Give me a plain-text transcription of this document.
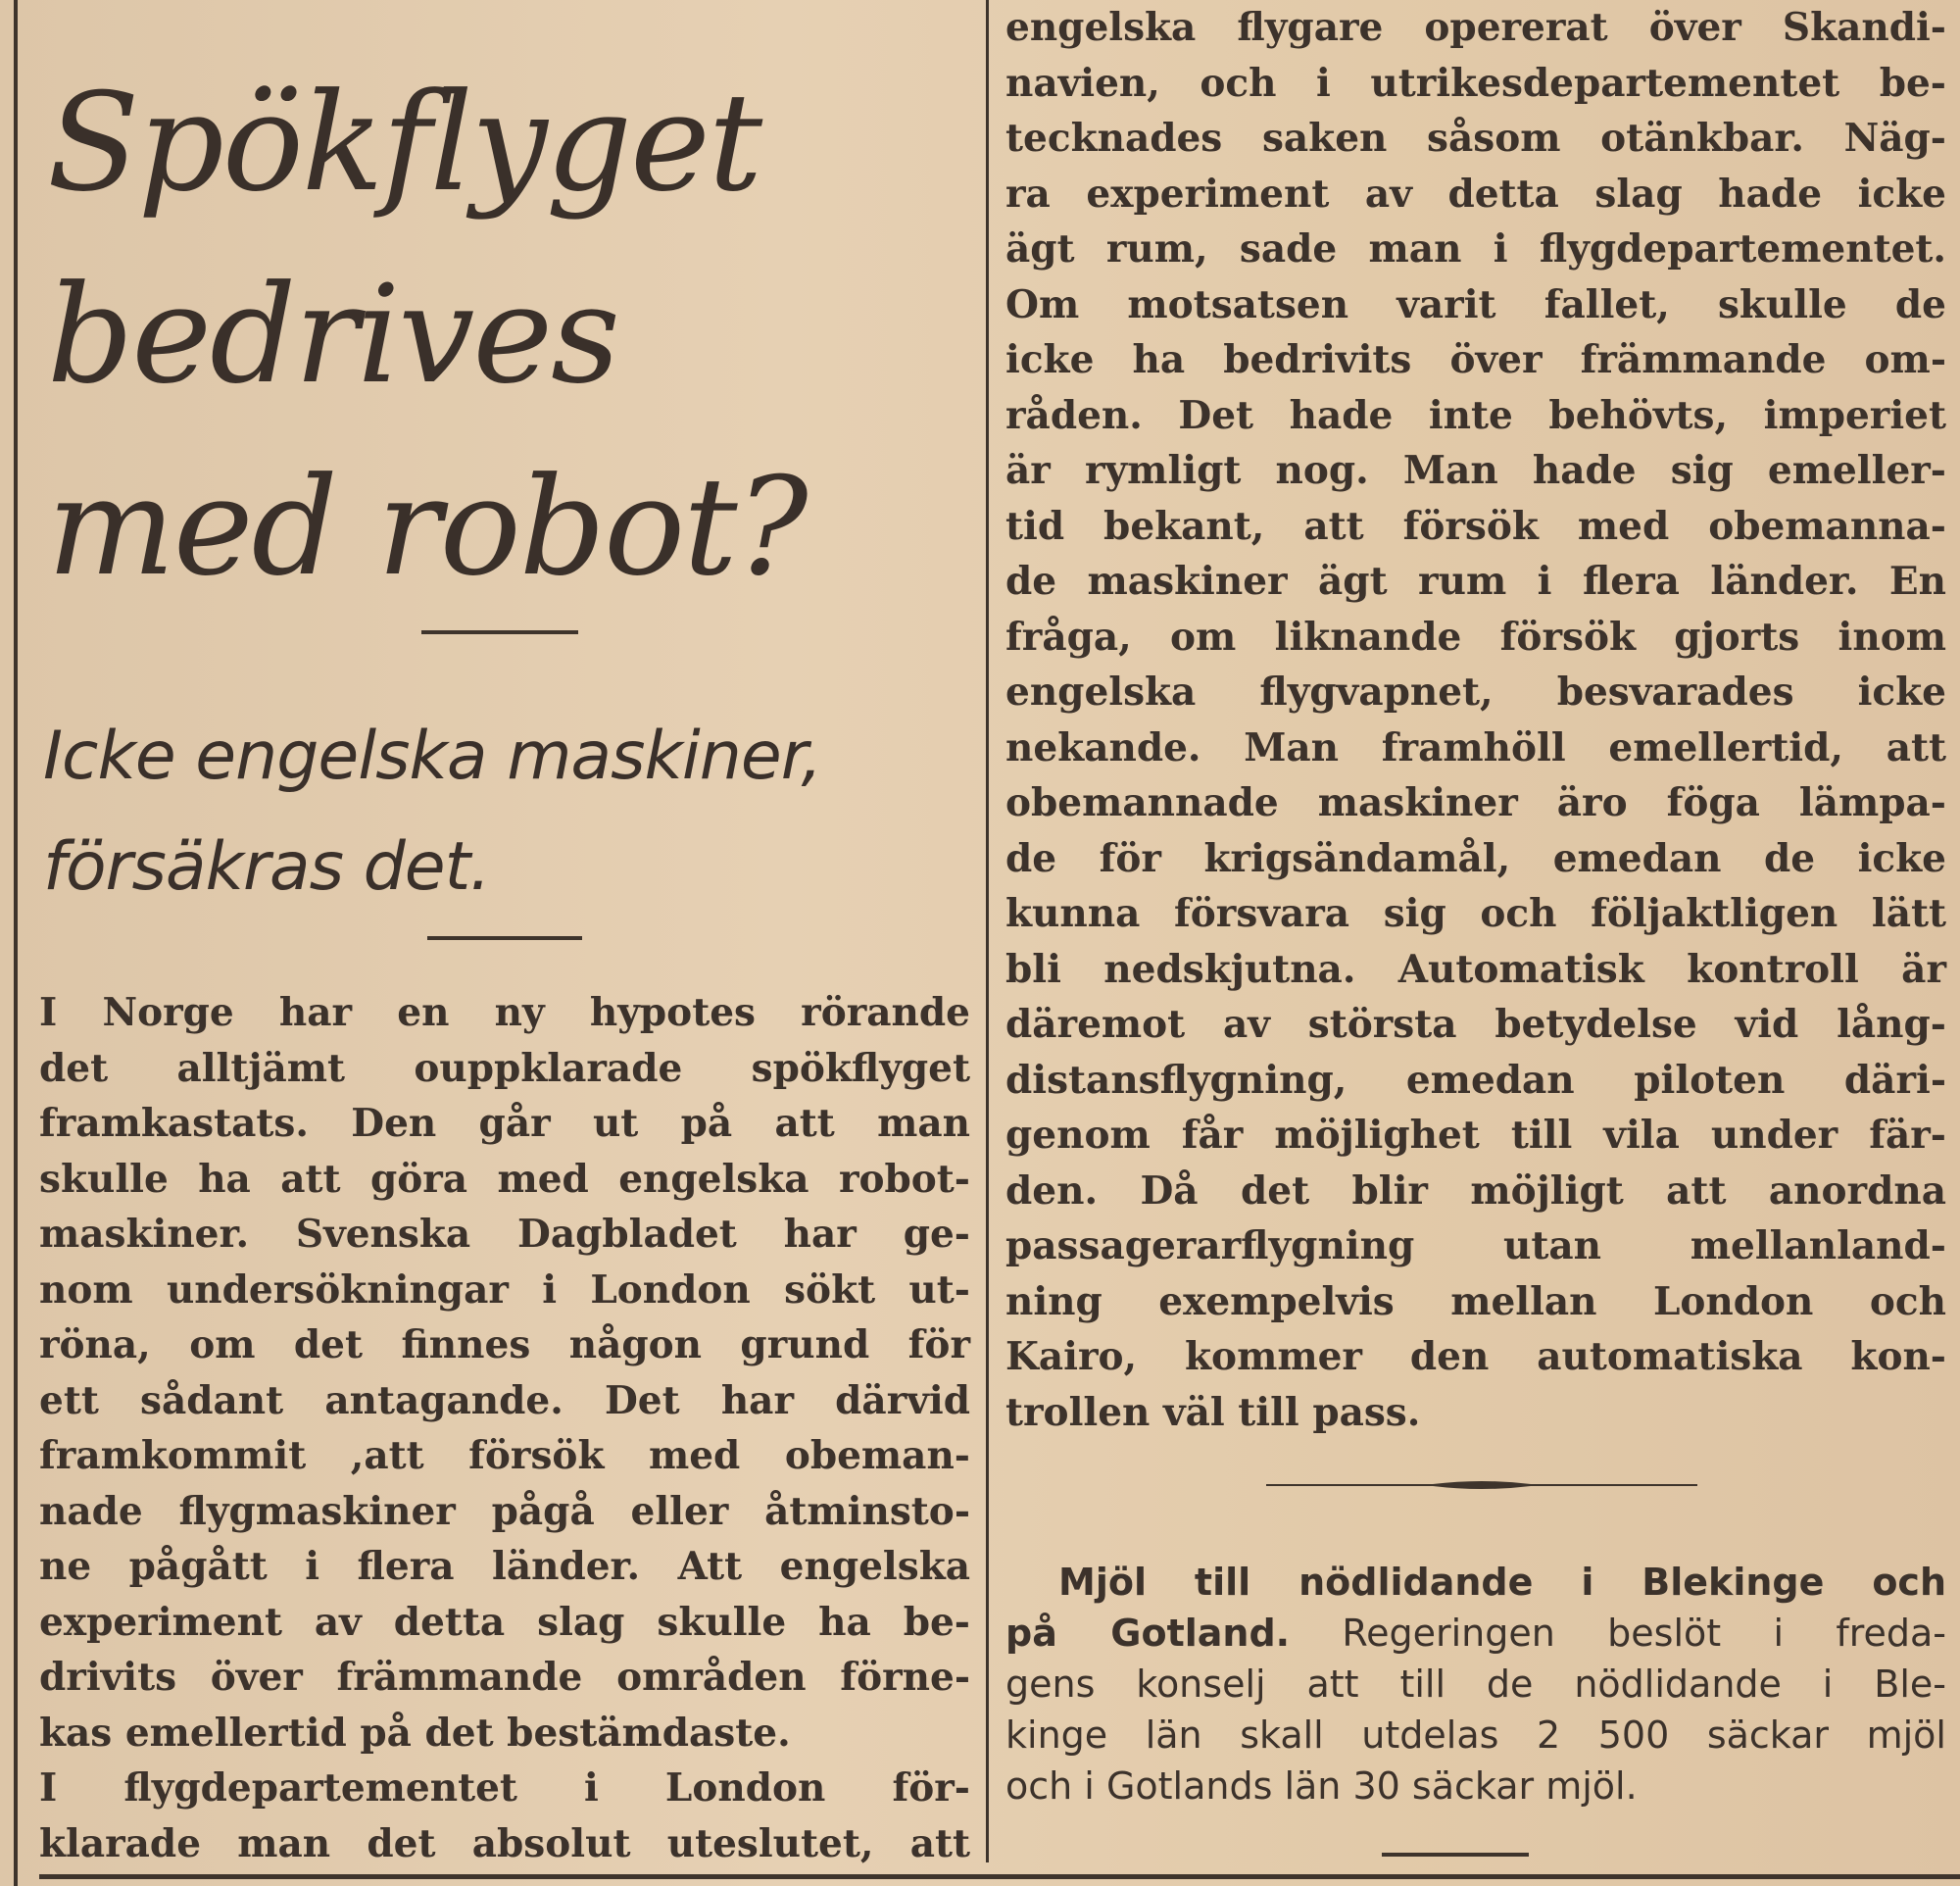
Spökflyget
bedrives
med robot?
Icke engelska maskiner,
försäkras det.

I Norge har en ny hypotes rörande
det alltjämt ouppklarade spökflyget
framkastats. Den går ut på att man
skulle ha att göra med engelska robot-
maskiner. Svenska Dagbladet har ge-
nom undersökningar i London sökt ut-
röna, om det finnes någon grund för
ett sådant antagande. Det har därvid
framkommit ,att försök med obeman-
nade flygmaskiner pågå eller åtminsto-
ne pågått i flera länder. Att engelska
experiment av detta slag skulle ha be-
drivits över främmande områden förne-
kas emellertid på det bestämdaste.
I flygdepartementet i London för-
klarade man det absolut uteslutet, att

engelska flygare opererat över Skandi-
navien, och i utrikesdepartementet be-
tecknades saken såsom otänkbar. Näg-
ra experiment av detta slag hade icke
ägt rum, sade man i flygdepartementet.
Om motsatsen varit fallet, skulle de
icke ha bedrivits över främmande om-
råden. Det hade inte behövts, imperiet
är rymligt nog. Man hade sig emeller-
tid bekant, att försök med obemanna-
de maskiner ägt rum i flera länder. En
fråga, om liknande försök gjorts inom
engelska flygvapnet, besvarades icke
nekande. Man framhöll emellertid, att
obemannade maskiner äro föga lämpa-
de för krigsändamål, emedan de icke
kunna försvara sig och följaktligen lätt
bli nedskjutna. Automatisk kontroll är
däremot av största betydelse vid lång-
distansflygning, emedan piloten däri-
genom får möjlighet till vila under fär-
den. Då det blir möjligt att anordna
passagerarflygning utan mellanland-
ning exempelvis mellan London och
Kairo, kommer den automatiska kon-
trollen väl till pass.

Mjöl till nödlidande i Blekinge och
på Gotland. Regeringen beslöt i freda-
gens konselj att till de nödlidande i Ble-
kinge län skall utdelas 2 500 säckar mjöl
och i Gotlands län 30 säckar mjöl.
